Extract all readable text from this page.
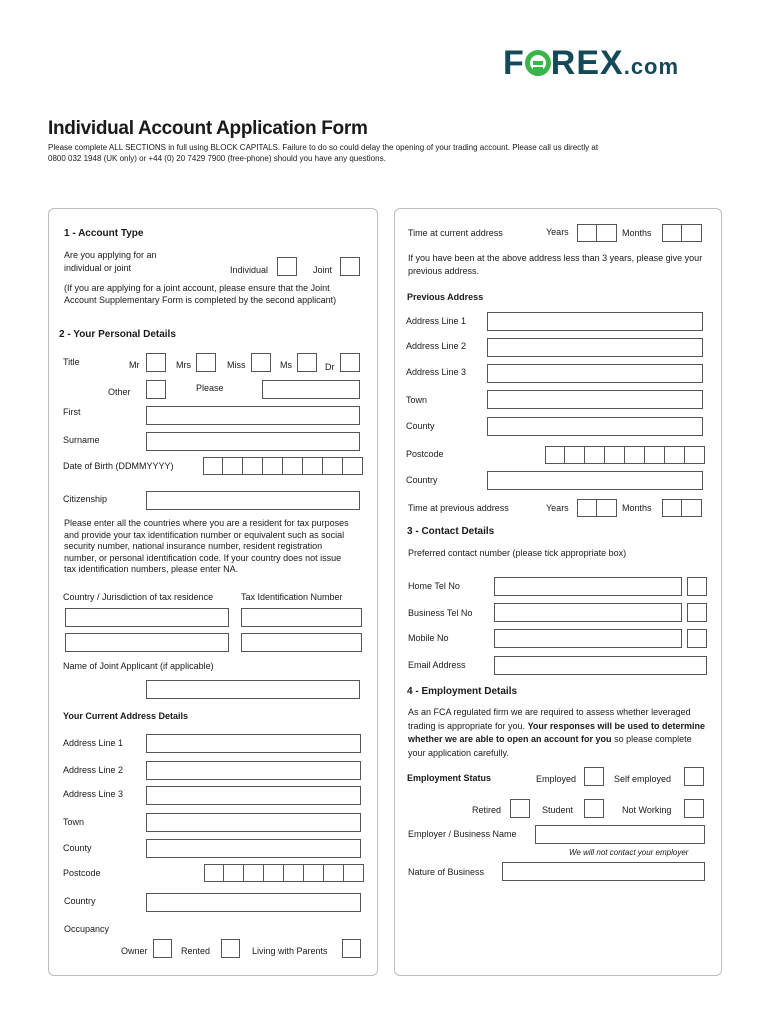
F REX.com
Individual Account Application Form
Please complete ALL SECTIONS in full using BLOCK CAPITALS. Failure to do so could delay the opening of your trading account. Please call us directly at 0800 032 1948 (UK only) or +44 (0) 20 7429 7900 (free-phone) should you have any questions.
1 - Account Type
Are you applying for an individual or joint	Individual	Joint
(If you are applying for a joint account, please ensure that the Joint Account Supplementary Form is completed by the second applicant)
2 - Your Personal Details
Title	Mr	Mrs	Miss	Ms	Dr
Other	Please
First
Surname
Date of Birth (DDMMYYYY)
Citizenship
Please enter all the countries where you are a resident for tax purposes and provide your tax identification number or equivalent such as social security number, national insurance number, resident registration number, or personal identification code. If your country does not issue tax identification numbers, please enter NA.
Country / Jurisdiction of tax residence	Tax Identification Number
Name of Joint Applicant (if applicable)
Your Current Address Details
Address Line 1
Address Line 2
Address Line 3
Town
County
Postcode
Country
Occupancy
Owner	Rented	Living with Parents
Time at current address	Years	Months
If you have been at the above address less than 3 years, please give your previous address.
Previous Address
Address Line 1
Address Line 2
Address Line 3
Town
County
Postcode
Country
Time at previous address	Years	Months
3 - Contact Details
Preferred contact number (please tick appropriate box)
Home Tel No
Business Tel No
Mobile No
Email Address
4 - Employment Details
As an FCA regulated firm we are required to assess whether leveraged trading is appropriate for you. Your responses will be used to determine whether we are able to open an account for you so please complete your application carefully.
Employment Status	Employed	Self employed
Retired	Student	Not Working
Employer / Business Name
We will not contact your employer
Nature of Business
